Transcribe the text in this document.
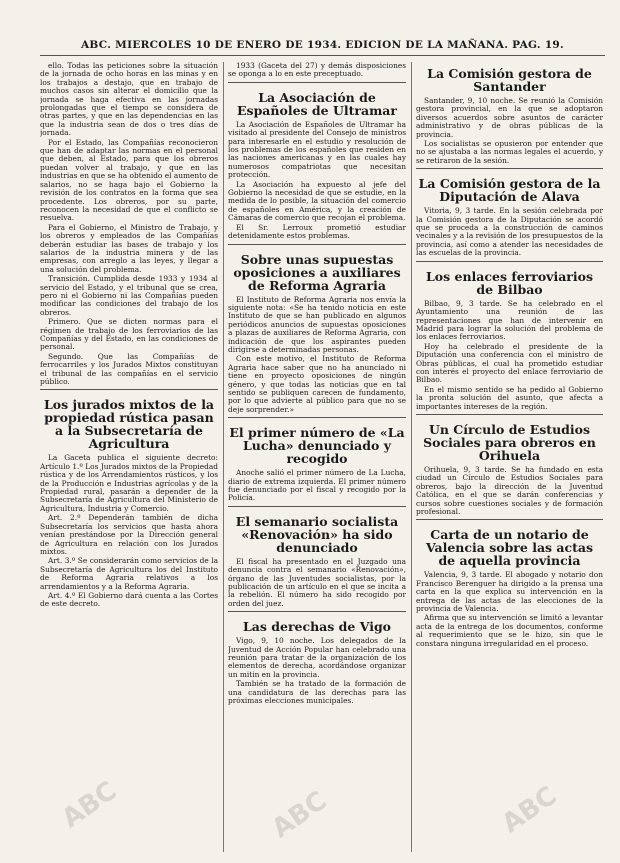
ABC. MIERCOLES 10 DE ENERO DE 1934. EDICION DE LA MAÑANA. PAG. 19.

ello. Todas las peticiones sobre la situación de la jornada de ocho horas en las minas y en los trabajos a destajo, que en trabajo de muchos casos sin alterar el domicilio que la jornada se haga efectiva en las jornadas prolongadas que el tiempo se considera de otras partes, y que en las dependencias en las que la industria sean de dos o tres días de jornada.

Por el Estado, las Compañías reconocieron que han de adaptar las normas en el personal que deben, al Estado, para que los obreros puedan volver al trabajo, y que en las industrias en que se ha obtenido el aumento de salarios, no se haga bajo el Gobierno la revisión de los contratos en la forma que sea procedente. Los obreros, por su parte, reconocen la necesidad de que el conflicto se resuelva.

Para el Gobierno, el Ministro de Trabajo, y los obreros y empleados de las Compañías deberán estudiar las bases de trabajo y los salarios de la industria minera y de las empresas, con arreglo a las leyes, y llegar a una solución del problema.

Transición. Cumplida desde 1933 y 1934 al servicio del Estado, y el tribunal que se crea, pero ni el Gobierno ni las Compañías pueden modificar las condiciones del trabajo de los obreros.

Primero. Que se dicten normas para el régimen de trabajo de los ferroviarios de las Compañías y del Estado, en las condiciones de personal.

Segundo. Que las Compañías de ferrocarriles y los Jurados Mixtos constituyan el tribunal de las compañías en el servicio público.

Los jurados mixtos de la propiedad rústica pasan a la Subsecretaría de Agricultura

La Gaceta publica el siguiente decreto: Artículo 1.º Los Jurados mixtos de la Propiedad rústica y de los Arrendamientos rústicos, y los de la Producción e Industrias agrícolas y de la Propiedad rural, pasarán a depender de la Subsecretaría de Agricultura del Ministerio de Agricultura, Industria y Comercio.

Art. 2.º Dependerán también de dicha Subsecretaría los servicios que hasta ahora venían prestándose por la Dirección general de Agricultura en relación con los Jurados mixtos.

Art. 3.º Se considerarán como servicios de la Subsecretaría de Agricultura los del Instituto de Reforma Agraria relativos a los arrendamientos y a la Reforma Agraria.

Art. 4.º El Gobierno dará cuenta a las Cortes de este decreto.

1933 (Gaceta del 27) y demás disposiciones se oponga a lo en este preceptuado.

La Asociación de Españoles de Ultramar

La Asociación de Españoles de Ultramar ha visitado al presidente del Consejo de ministros para interesarle en el estudio y resolución de los problemas de los españoles que residen en las naciones americanas y en las cuales hay numerosos compatriotas que necesitan protección.

La Asociación ha expuesto al jefe del Gobierno la necesidad de que se estudie, en la medida de lo posible, la situación del comercio de españoles en América, y la creación de Cámaras de comercio que recojan el problema.

El Sr. Lerroux prometió estudiar detenidamente estos problemas.

Sobre unas supuestas oposiciones a auxiliares de Reforma Agraria

El Instituto de Reforma Agraria nos envía la siguiente nota: «Se ha tenido noticia en este Instituto de que se han publicado en algunos periódicos anuncios de supuestas oposiciones a plazas de auxiliares de Reforma Agraria, con indicación de que los aspirantes pueden dirigirse a determinadas personas.

Con este motivo, el Instituto de Reforma Agraria hace saber que no ha anunciado ni tiene en proyecto oposiciones de ningún género, y que todas las noticias que en tal sentido se publiquen carecen de fundamento, por lo que advierte al público para que no se deje sorprender.»

El primer número de «La Lucha» denunciado y recogido

Anoche salió el primer número de La Lucha, diario de extrema izquierda. El primer número fue denunciado por el fiscal y recogido por la Policía.

El semanario socialista «Renovación» ha sido denunciado

El fiscal ha presentado en el Juzgado una denuncia contra el semanario «Renovación», órgano de las Juventudes socialistas, por la publicación de un artículo en el que se incita a la rebelión. El número ha sido recogido por orden del juez.

Las derechas de Vigo

Vigo, 9, 10 noche. Los delegados de la Juventud de Acción Popular han celebrado una reunión para tratar de la organización de los elementos de derecha, acordándose organizar un mitin en la provincia.

También se ha tratado de la formación de una candidatura de las derechas para las próximas elecciones municipales.

La Comisión gestora de Santander

Santander, 9, 10 noche. Se reunió la Comisión gestora provincial, en la que se adoptaron diversos acuerdos sobre asuntos de carácter administrativo y de obras públicas de la provincia.

Los socialistas se opusieron por entender que no se ajustaba a las normas legales el acuerdo, y se retiraron de la sesión.

La Comisión gestora de la Diputación de Alava

Vitoria, 9, 3 tarde. En la sesión celebrada por la Comisión gestora de la Diputación se acordó que se proceda a la construcción de caminos vecinales y a la revisión de los presupuestos de la provincia, así como a atender las necesidades de las escuelas de la provincia.

Los enlaces ferroviarios de Bilbao

Bilbao, 9, 3 tarde. Se ha celebrado en el Ayuntamiento una reunión de las representaciones que han de intervenir en Madrid para lograr la solución del problema de los enlaces ferroviarios.

Hoy ha celebrado el presidente de la Diputación una conferencia con el ministro de Obras públicas, el cual ha prometido estudiar con interés el proyecto del enlace ferroviario de Bilbao.

En el mismo sentido se ha pedido al Gobierno la pronta solución del asunto, que afecta a importantes intereses de la región.

Un Círculo de Estudios Sociales para obreros en Orihuela

Orihuela, 9, 3 tarde. Se ha fundado en esta ciudad un Círculo de Estudios Sociales para obreros, bajo la dirección de la Juventud Católica, en el que se darán conferencias y cursos sobre cuestiones sociales y de formación profesional.

Carta de un notario de Valencia sobre las actas de aquella provincia

Valencia, 9, 3 tarde. El abogado y notario don Francisco Berenguer ha dirigido a la prensa una carta en la que explica su intervención en la entrega de las actas de las elecciones de la provincia de Valencia.

Afirma que su intervención se limitó a levantar acta de la entrega de los documentos, conforme al requerimiento que se le hizo, sin que le constara ninguna irregularidad en el proceso.

ABC	ABC	ABC
